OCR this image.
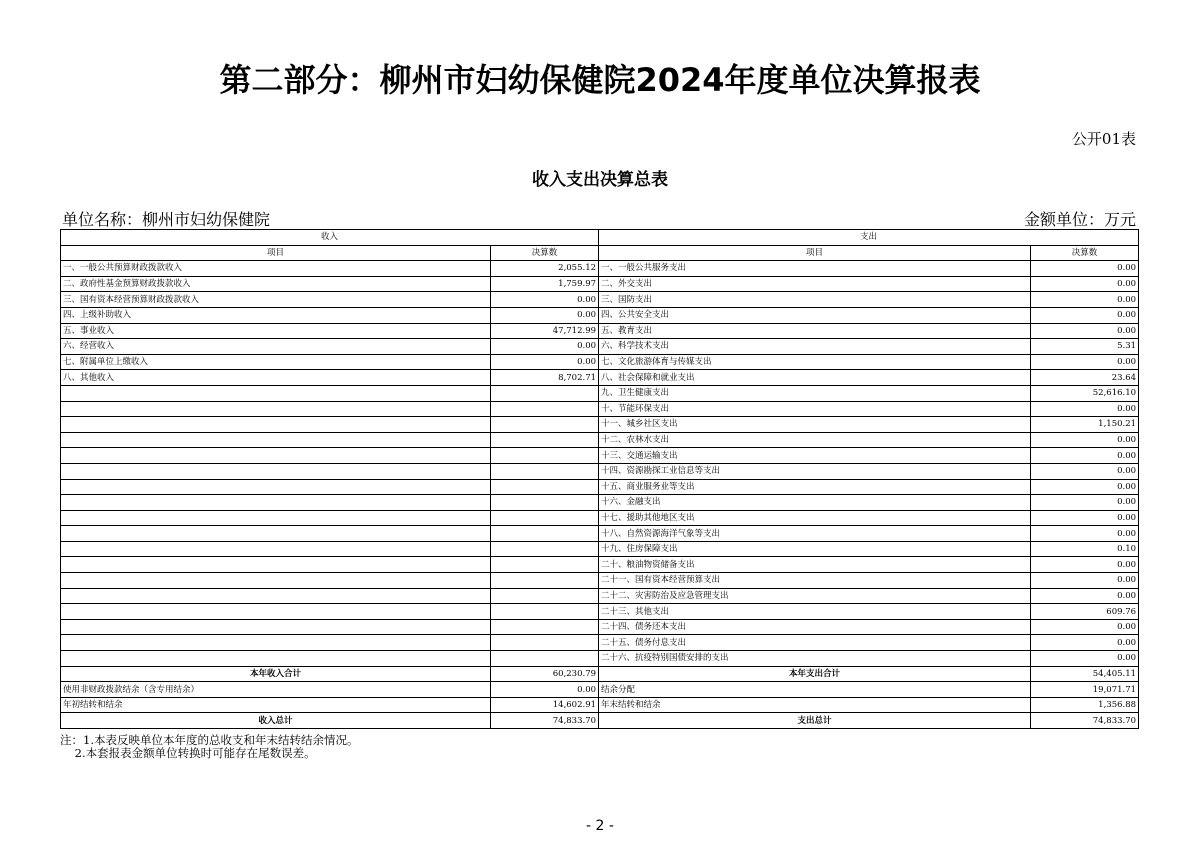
第二部分：柳州市妇幼保健院2024年度单位决算报表
公开01表
收入支出决算总表
单位名称：柳州市妇幼保健院	金额单位：万元
收入		支出	
项目	决算数	项目	决算数
一、一般公共预算财政拨款收入	2,055.12	一、一般公共服务支出	0.00
二、政府性基金预算财政拨款收入	1,759.97	二、外交支出	0.00
三、国有资本经营预算财政拨款收入	0.00	三、国防支出	0.00
四、上级补助收入	0.00	四、公共安全支出	0.00
五、事业收入	47,712.99	五、教育支出	0.00
六、经营收入	0.00	六、科学技术支出	5.31
七、附属单位上缴收入	0.00	七、文化旅游体育与传媒支出	0.00
八、其他收入	8,702.71	八、社会保障和就业支出	23.64
		九、卫生健康支出	52,616.10
		十、节能环保支出	0.00
		十一、城乡社区支出	1,150.21
		十二、农林水支出	0.00
		十三、交通运输支出	0.00
		十四、资源勘探工业信息等支出	0.00
		十五、商业服务业等支出	0.00
		十六、金融支出	0.00
		十七、援助其他地区支出	0.00
		十八、自然资源海洋气象等支出	0.00
		十九、住房保障支出	0.10
		二十、粮油物资储备支出	0.00
		二十一、国有资本经营预算支出	0.00
		二十二、灾害防治及应急管理支出	0.00
		二十三、其他支出	609.76
		二十四、债务还本支出	0.00
		二十五、债务付息支出	0.00
		二十六、抗疫特别国债安排的支出	0.00
本年收入合计	60,230.79	本年支出合计	54,405.11
使用非财政拨款结余（含专用结余）	0.00	结余分配	19,071.71
年初结转和结余	14,602.91	年末结转和结余	1,356.88
收入总计	74,833.70	支出总计	74,833.70
注：1.本表反映单位本年度的总收支和年末结转结余情况。
2.本套报表金额单位转换时可能存在尾数误差。
- 2 -
